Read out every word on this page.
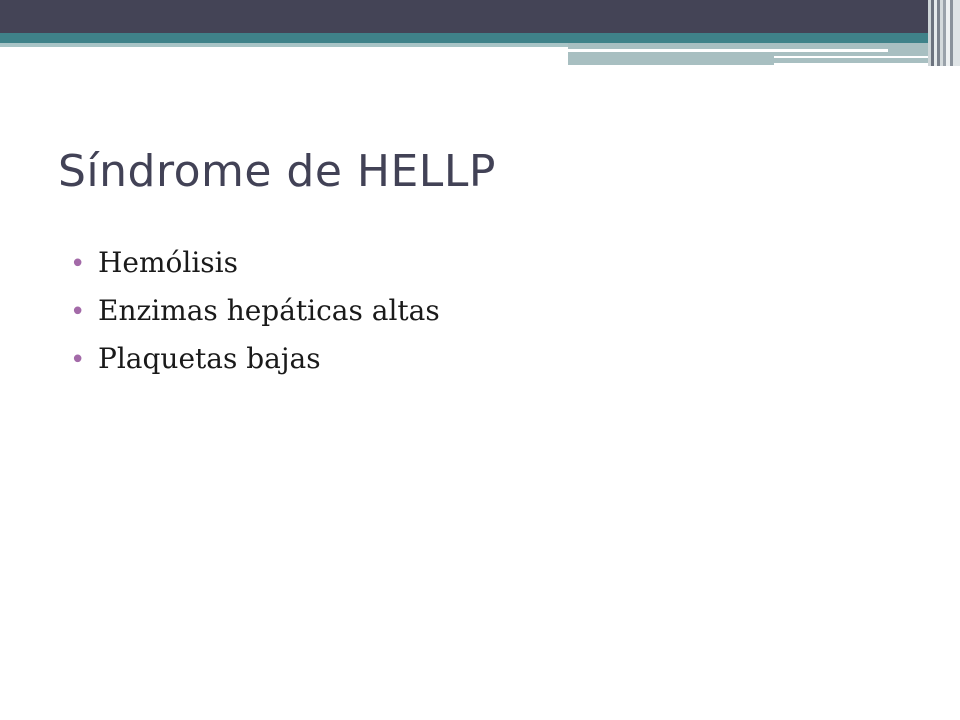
Síndrome de HELLP
• Hemólisis
• Enzimas hepáticas altas
• Plaquetas bajas
